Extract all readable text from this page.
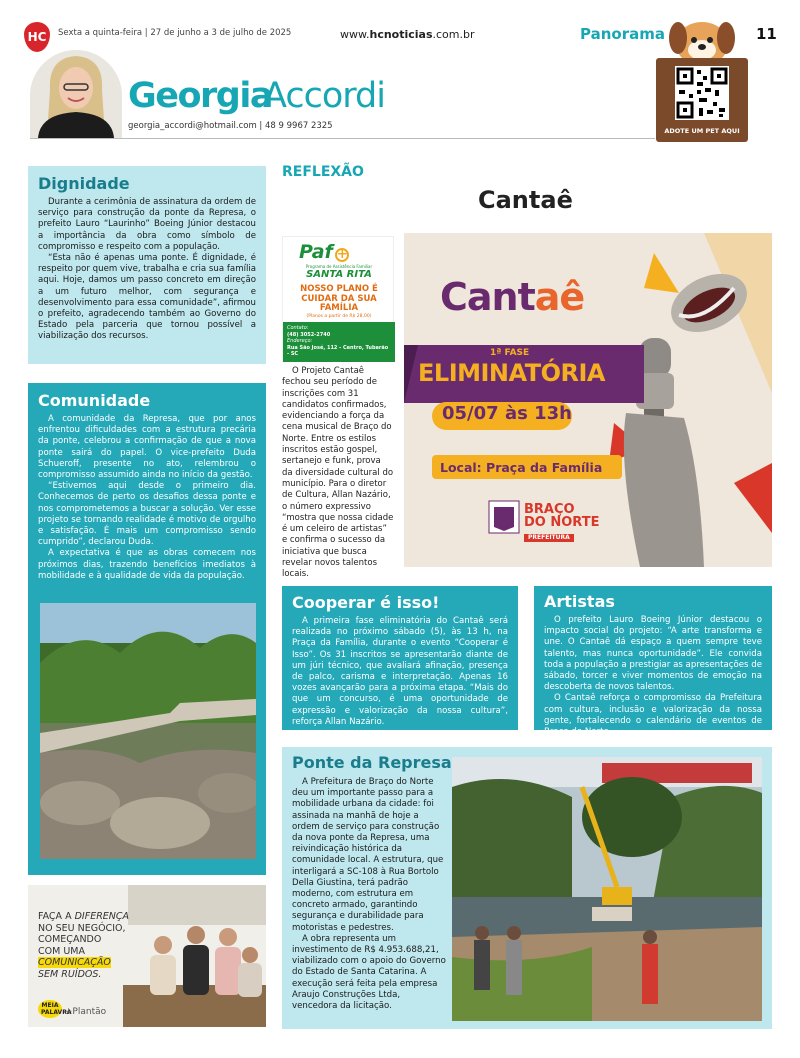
HC Sexta a quinta-feira | 27 de junho a 3 de julho de 2025	www.hcnoticias.com.br	Panorama	11
Georgia
Accordi
georgia_accordi@hotmail.com | 48 9 9967 2325	ADOTE UM PET AQUI
Dignidade

Durante a cerimônia de assinatura da ordem de serviço para construção da ponte da Represa, o prefeito Lauro “Laurinho” Boeing Júnior destacou a importância da obra como símbolo de compromisso e respeito com a população.

“Esta não é apenas uma ponte. É dignidade, é respeito por quem vive, trabalha e cria sua família aqui. Hoje, damos um passo concreto em direção a um futuro melhor, com segurança e desenvolvimento para essa comunidade”, afirmou o prefeito, agradecendo também ao Governo do Estado pela parceria que tornou possível a viabilização dos recursos.

Comunidade

A comunidade da Represa, que por anos enfrentou dificuldades com a estrutura precária da ponte, celebrou a confirmação de que a nova ponte sairá do papel. O vice-prefeito Duda Schueroff, presente no ato, relembrou o compromisso assumido ainda no início da gestão.

“Estivemos aqui desde o primeiro dia. Conhecemos de perto os desafios dessa ponte e nos comprometemos a buscar a solução. Ver esse projeto se tornando realidade é motivo de orgulho e satisfação. É mais um compromisso sendo cumprido”, declarou Duda.

A expectativa é que as obras comecem nos próximos dias, trazendo benefícios imediatos à mobilidade e à qualidade de vida da população.

FAÇA A DIFERENÇA
NO SEU NEGÓCIO,
COMEÇANDO
COM UMA
COMUNICAÇÃO
SEM RUÍDOS.
MEIA PALAVRA +Plantão
REFLEXÃO
Cantaê
Paf +
Programa de Assistência Familiar
SANTA RITA
NOSSO PLANO É CUIDAR DA SUA FAMÍLIA
(Planos a partir de R$ 28,00)
Contato:
(48) 3052-2740
Endereço:
Rua São José, 112 - Centro, Tubarão - SC

O Projeto Cantaê fechou seu período de inscrições com 31 candidatos confirmados, evidenciando a força da cena musical de Braço do Norte. Entre os estilos inscritos estão gospel, sertanejo e funk, prova da diversidade cultural do município. Para o diretor de Cultura, Allan Nazário, o número expressivo “mostra que nossa cidade é um celeiro de artistas” e confirma o sucesso da iniciativa que busca revelar novos talentos locais.

Cantaê
1ª FASE
ELIMINATÓRIA
05/07 às 13h
Local: Praça da Família
BRAÇO
DO NORTE
PREFEITURA
Cooperar é isso!

A primeira fase eliminatória do Cantaê será realizada no próximo sábado (5), às 13 h, na Praça da Família, durante o evento “Cooperar é Isso”. Os 31 inscritos se apresentarão diante de um júri técnico, que avaliará afinação, presença de palco, carisma e interpretação. Apenas 16 vozes avançarão para a próxima etapa. “Mais do que um concurso, é uma oportunidade de expressão e valorização da nossa cultura”, reforça Allan Nazário.

Artistas

O prefeito Lauro Boeing Júnior destacou o impacto social do projeto: “A arte transforma e une. O Cantaê dá espaço a quem sempre teve talento, mas nunca oportunidade”. Ele convida toda a população a prestigiar as apresentações de sábado, torcer e viver momentos de emoção na descoberta de novos talentos.

O Cantaê reforça o compromisso da Prefeitura com cultura, inclusão e valorização da nossa gente, fortalecendo o calendário de eventos de Braço do Norte.

Ponte da Represa

A Prefeitura de Braço do Norte deu um importante passo para a mobilidade urbana da cidade: foi assinada na manhã de hoje a ordem de serviço para construção da nova ponte da Represa, uma reivindicação histórica da comunidade local. A estrutura, que interligará a SC-108 à Rua Bortolo Della Giustina, terá padrão moderno, com estrutura em concreto armado, garantindo segurança e durabilidade para motoristas e pedestres.

A obra representa um investimento de R$ 4.953.688,21, viabilizado com o apoio do Governo do Estado de Santa Catarina. A execução será feita pela empresa Araujo Construções Ltda, vencedora da licitação.
